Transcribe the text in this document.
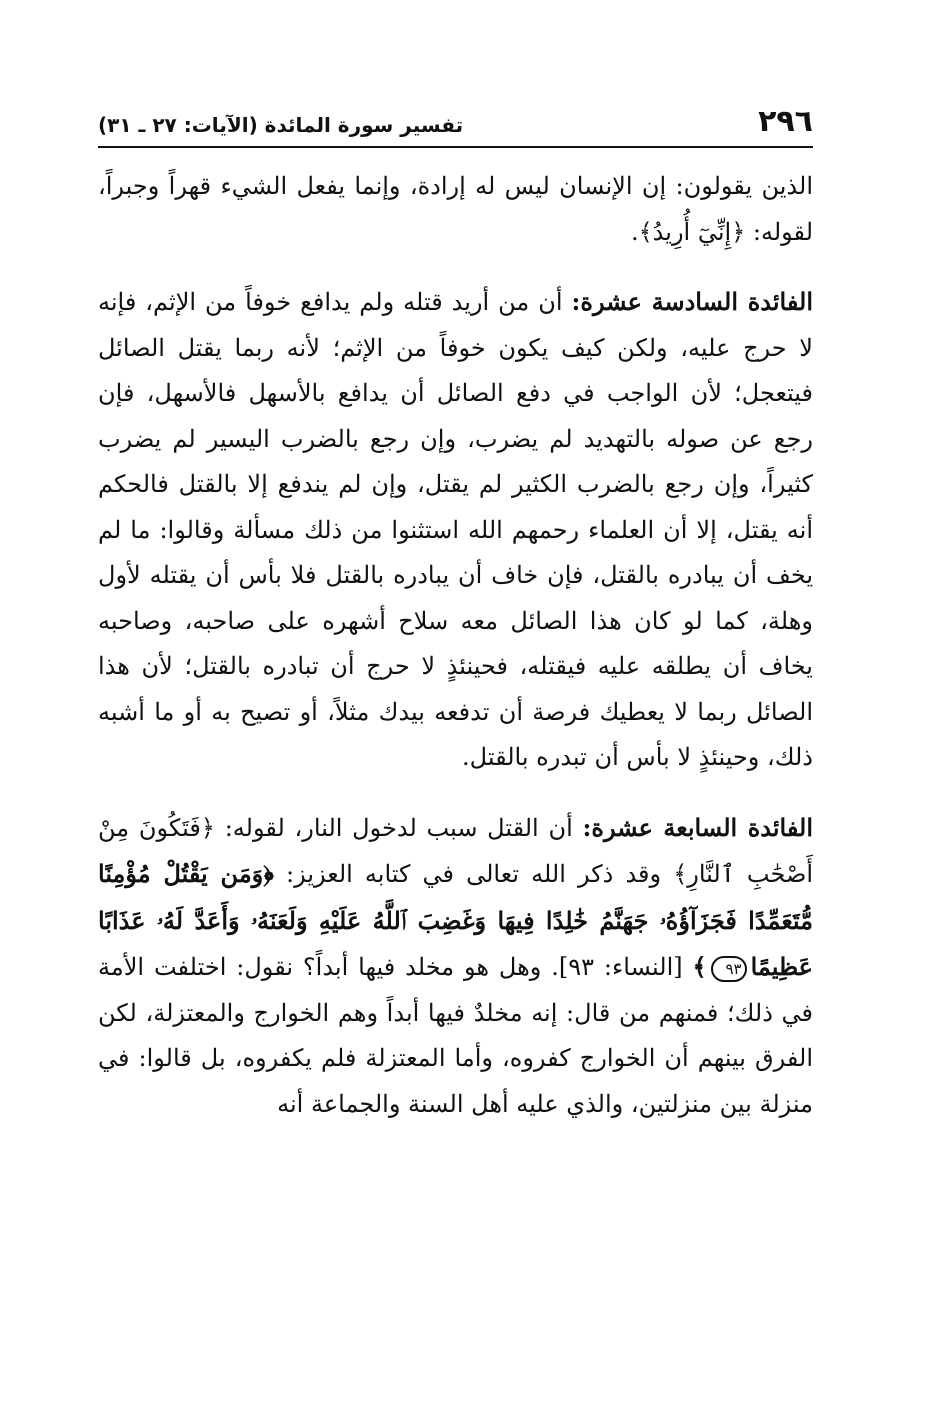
٢٩٦
تفسير سورة المائدة (الآيات: ٢٧ ـ ٣١)

الذين يقولون: إن الإنسان ليس له إرادة، وإنما يفعل الشيء قهراً وجبراً، لقوله: ﴿إِنِّيٓ أُرِيدُ﴾.

الفائدة السادسة عشرة: أن من أريد قتله ولم يدافع خوفاً من الإثم، فإنه لا حرج عليه، ولكن كيف يكون خوفاً من الإثم؛ لأنه ربما يقتل الصائل فيتعجل؛ لأن الواجب في دفع الصائل أن يدافع بالأسهل فالأسهل، فإن رجع عن صوله بالتهديد لم يضرب، وإن رجع بالضرب اليسير لم يضرب كثيراً، وإن رجع بالضرب الكثير لم يقتل، وإن لم يندفع إلا بالقتل فالحكم أنه يقتل، إلا أن العلماء رحمهم الله استثنوا من ذلك مسألة وقالوا: ما لم يخف أن يبادره بالقتل، فإن خاف أن يبادره بالقتل فلا بأس أن يقتله لأول وهلة، كما لو كان هذا الصائل معه سلاح أشهره على صاحبه، وصاحبه يخاف أن يطلقه عليه فيقتله، فحينئذٍ لا حرج أن تبادره بالقتل؛ لأن هذا الصائل ربما لا يعطيك فرصة أن تدفعه بيدك مثلاً، أو تصيح به أو ما أشبه ذلك، وحينئذٍ لا بأس أن تبدره بالقتل.

الفائدة السابعة عشرة: أن القتل سبب لدخول النار، لقوله: ﴿فَتَكُونَ مِنْ أَصْحَٰبِ ٱلنَّارِ﴾ وقد ذكر الله تعالى في كتابه العزيز: ﴿وَمَن يَقْتُلْ مُؤْمِنًا مُّتَعَمِّدًا فَجَزَآؤُهُۥ جَهَنَّمُ خَٰلِدًا فِيهَا وَغَضِبَ ٱللَّهُ عَلَيْهِ وَلَعَنَهُۥ وَأَعَدَّ لَهُۥ عَذَابًا عَظِيمًا٩٣﴾ [النساء: ٩٣]. وهل هو مخلد فيها أبداً؟ نقول: اختلفت الأمة في ذلك؛ فمنهم من قال: إنه مخلدٌ فيها أبداً وهم الخوارج والمعتزلة، لكن الفرق بينهم أن الخوارج كفروه، وأما المعتزلة فلم يكفروه، بل قالوا: في منزلة بين منزلتين، والذي عليه أهل السنة والجماعة أنه
